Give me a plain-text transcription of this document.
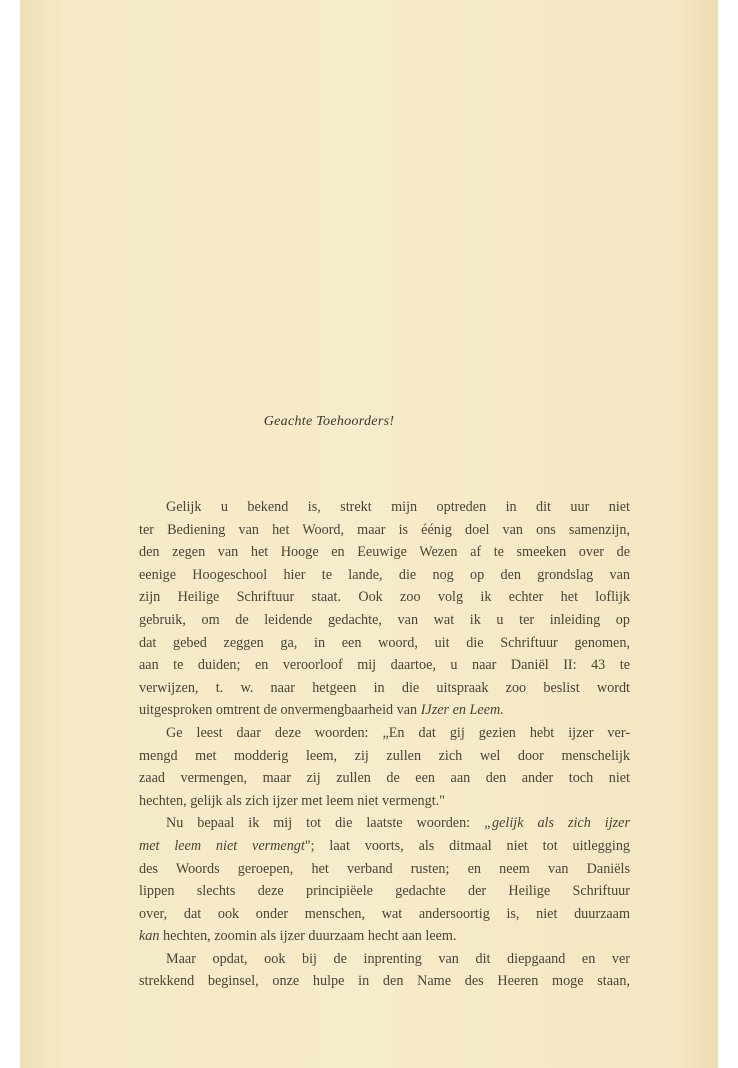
Geachte Toehoorders!
Gelijk u bekend is, strekt mijn optreden in dit uur niet
ter Bediening van het Woord, maar is éénig doel van ons samenzijn,
den zegen van het Hooge en Eeuwige Wezen af te smeeken over de
eenige Hoogeschool hier te lande, die nog op den grondslag van
zijn Heilige Schriftuur staat. Ook zoo volg ik echter het loflijk
gebruik, om de leidende gedachte, van wat ik u ter inleiding op
dat gebed zeggen ga, in een woord, uit die Schriftuur genomen,
aan te duiden; en veroorloof mij daartoe, u naar Daniël II: 43 te
verwijzen, t. w. naar hetgeen in die uitspraak zoo beslist wordt
uitgesproken omtrent de onvermengbaarheid van IJzer en Leem.
Ge leest daar deze woorden: „En dat gij gezien hebt ijzer ver-
mengd met modderig leem, zij zullen zich wel door menschelijk
zaad vermengen, maar zij zullen de een aan den ander toch niet
hechten, gelijk als zich ijzer met leem niet vermengt."
Nu bepaal ik mij tot die laatste woorden: „gelijk als zich ijzer
met leem niet vermengt"; laat voorts, als ditmaal niet tot uitlegging
des Woords geroepen, het verband rusten; en neem van Daniëls
lippen slechts deze principiëele gedachte der Heilige Schriftuur
over, dat ook onder menschen, wat andersoortig is, niet duurzaam
kan hechten, zoomin als ijzer duurzaam hecht aan leem.
Maar opdat, ook bij de inprenting van dit diepgaand en ver
strekkend beginsel, onze hulpe in den Name des Heeren moge staan,
